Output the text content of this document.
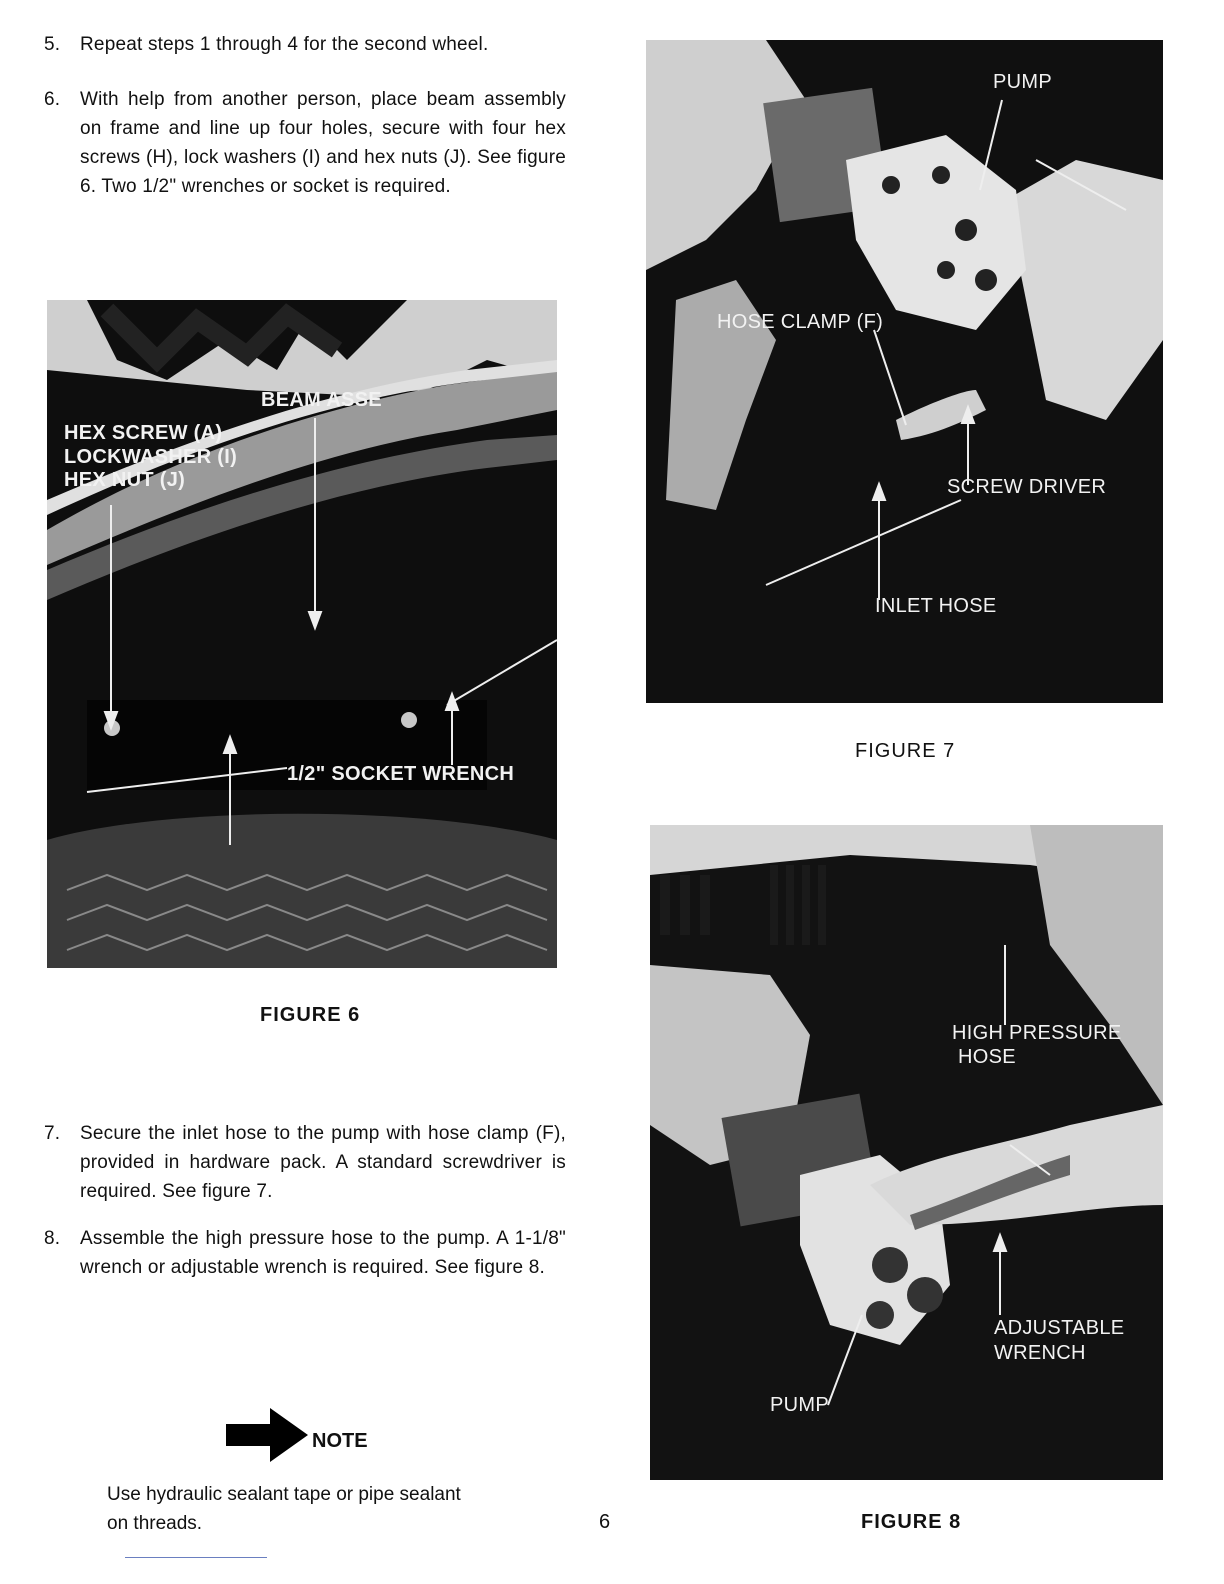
5. Repeat steps 1 through 4 for the second wheel.
6. With help from another person, place beam assembly on frame and line up four holes, secure with four hex screws (H), lock washers (I) and hex nuts (J). See figure 6. Two 1/2" wrenches or socket is required.
BEAM ASSE
HEX SCREW (A)
LOCKWASHER (I)
HEX NUT (J)
1/2" SOCKET WRENCH
FIGURE 6
7. Secure the inlet hose to the pump with hose clamp (F), provided in hardware pack. A standard screwdriver is required. See figure 7.
8. Assemble the high pressure hose to the pump. A 1-1/8" wrench or adjustable wrench is required. See figure 8.
NOTE
Use hydraulic sealant tape or pipe sealant
on threads.	6
PUMP
HOSE CLAMP (F)
SCREW DRIVER
INLET HOSE
FIGURE 7
HIGH PRESSURE
HOSE
ADJUSTABLE
WRENCH
PUMP
FIGURE 8
